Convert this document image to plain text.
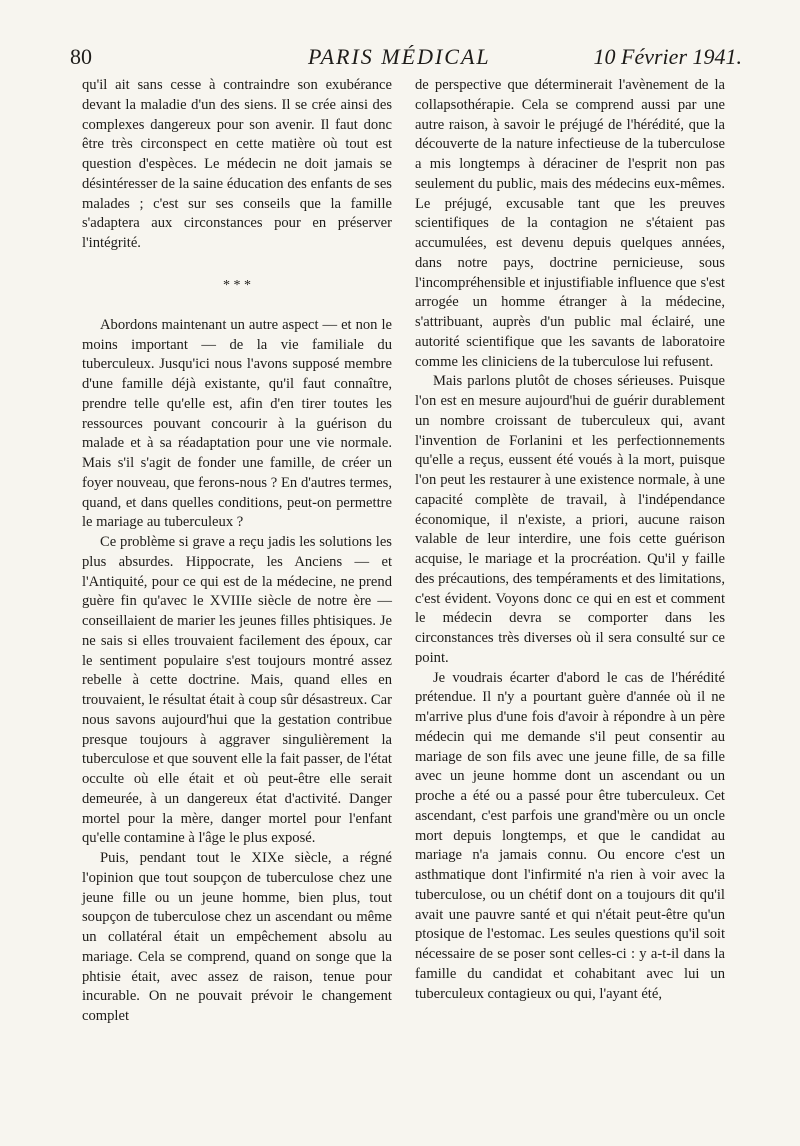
80	PARIS MÉDICAL	10 Février 1941.

qu'il ait sans cesse à contraindre son exubérance devant la maladie d'un des siens. Il se crée ainsi des complexes dangereux pour son avenir. Il faut donc être très circonspect en cette matière où tout est question d'espèces. Le médecin ne doit jamais se désintéresser de la saine éducation des enfants de ses malades ; c'est sur ses conseils que la famille s'adaptera aux circonstances pour en préserver l'intégrité.

* * *

Abordons maintenant un autre aspect — et non le moins important — de la vie familiale du tuberculeux. Jusqu'ici nous l'avons supposé membre d'une famille déjà existante, qu'il faut connaître, prendre telle qu'elle est, afin d'en tirer toutes les ressources pouvant concourir à la guérison du malade et à sa réadaptation pour une vie normale. Mais s'il s'agit de fonder une famille, de créer un foyer nouveau, que ferons-nous ? En d'autres termes, quand, et dans quelles conditions, peut-on permettre le mariage au tuberculeux ?

Ce problème si grave a reçu jadis les solutions les plus absurdes. Hippocrate, les Anciens — et l'Antiquité, pour ce qui est de la médecine, ne prend guère fin qu'avec le XVIIIe siècle de notre ère — conseillaient de marier les jeunes filles phtisiques. Je ne sais si elles trouvaient facilement des époux, car le sentiment populaire s'est toujours montré assez rebelle à cette doctrine. Mais, quand elles en trouvaient, le résultat était à coup sûr désastreux. Car nous savons aujourd'hui que la gestation contribue presque toujours à aggraver singulièrement la tuberculose et que souvent elle la fait passer, de l'état occulte où elle était et où peut-être elle serait demeurée, à un dangereux état d'activité. Danger mortel pour la mère, danger mortel pour l'enfant qu'elle contamine à l'âge le plus exposé.

Puis, pendant tout le XIXe siècle, a régné l'opinion que tout soupçon de tuberculose chez une jeune fille ou un jeune homme, bien plus, tout soupçon de tuberculose chez un ascendant ou même un collatéral était un empêchement absolu au mariage. Cela se comprend, quand on songe que la phtisie était, avec assez de raison, tenue pour incurable. On ne pouvait prévoir le changement complet

de perspective que déterminerait l'avènement de la collapsothérapie. Cela se comprend aussi par une autre raison, à savoir le préjugé de l'hérédité, que la découverte de la nature infectieuse de la tuberculose a mis longtemps à déraciner de l'esprit non pas seulement du public, mais des médecins eux-mêmes. Le préjugé, excusable tant que les preuves scientifiques de la contagion ne s'étaient pas accumulées, est devenu depuis quelques années, dans notre pays, doctrine pernicieuse, sous l'incompréhensible et injustifiable influence que s'est arrogée un homme étranger à la médecine, s'attribuant, auprès d'un public mal éclairé, une autorité scientifique que les savants de laboratoire comme les cliniciens de la tuberculose lui refusent.

Mais parlons plutôt de choses sérieuses. Puisque l'on est en mesure aujourd'hui de guérir durablement un nombre croissant de tuberculeux qui, avant l'invention de Forlanini et les perfectionnements qu'elle a reçus, eussent été voués à la mort, puisque l'on peut les restaurer à une existence normale, à une capacité complète de travail, à l'indépendance économique, il n'existe, a priori, aucune raison valable de leur interdire, une fois cette guérison acquise, le mariage et la procréation. Qu'il y faille des précautions, des tempéraments et des limitations, c'est évident. Voyons donc ce qui en est et comment le médecin devra se comporter dans les circonstances très diverses où il sera consulté sur ce point.

Je voudrais écarter d'abord le cas de l'hérédité prétendue. Il n'y a pourtant guère d'année où il ne m'arrive plus d'une fois d'avoir à répondre à un père médecin qui me demande s'il peut consentir au mariage de son fils avec une jeune fille, de sa fille avec un jeune homme dont un ascendant ou un proche a été ou a passé pour être tuberculeux. Cet ascendant, c'est parfois une grand'mère ou un oncle mort depuis longtemps, et que le candidat au mariage n'a jamais connu. Ou encore c'est un asthmatique dont l'infirmité n'a rien à voir avec la tuberculose, ou un chétif dont on a toujours dit qu'il avait une pauvre santé et qui n'était peut-être qu'un ptosique de l'estomac. Les seules questions qu'il soit nécessaire de se poser sont celles-ci : y a-t-il dans la famille du candidat et cohabitant avec lui un tuberculeux contagieux ou qui, l'ayant été,
